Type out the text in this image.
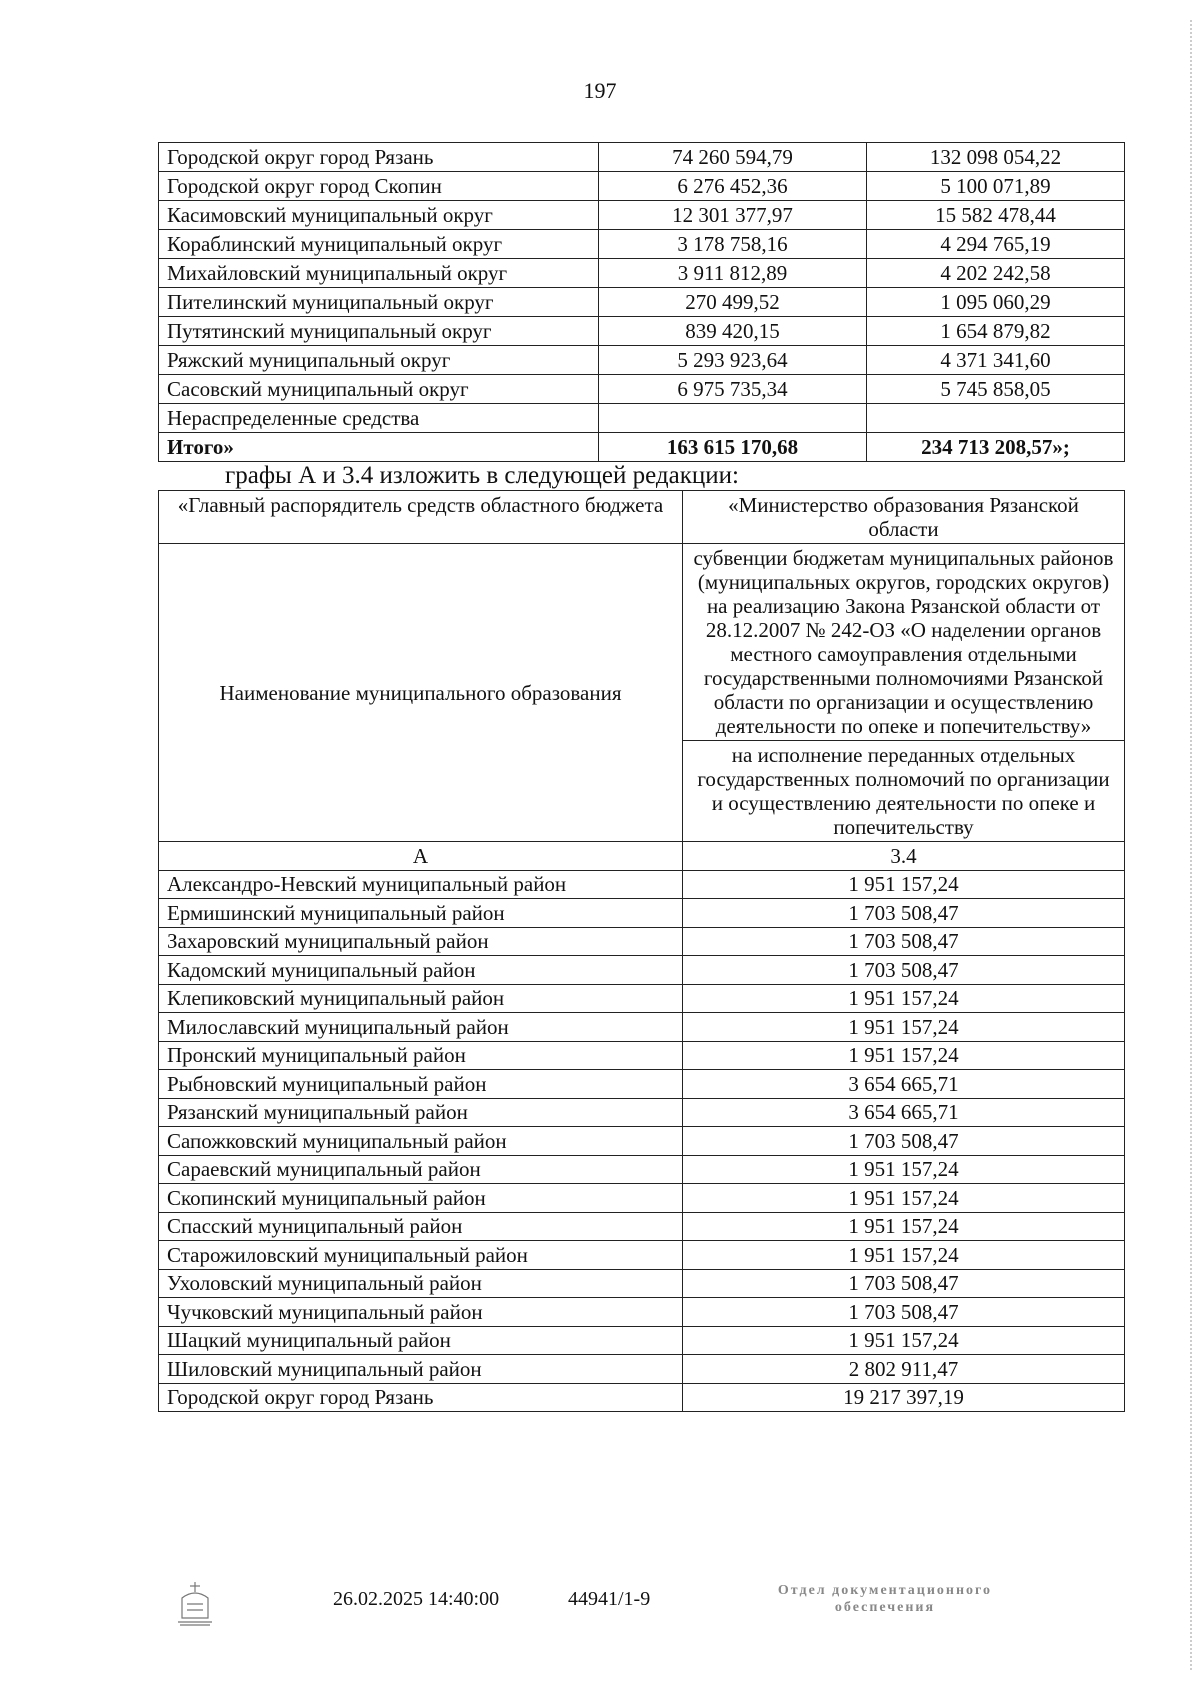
197
Городской округ город Рязань	74 260 594,79	132 098 054,22
Городской округ город Скопин	6 276 452,36	5 100 071,89
Касимовский муниципальный округ	12 301 377,97	15 582 478,44
Кораблинский муниципальный округ	3 178 758,16	4 294 765,19
Михайловский муниципальный округ	3 911 812,89	4 202 242,58
Пителинский муниципальный округ	270 499,52	1 095 060,29
Путятинский муниципальный округ	839 420,15	1 654 879,82
Ряжский муниципальный округ	5 293 923,64	4 371 341,60
Сасовский муниципальный округ	6 975 735,34	5 745 858,05
Нераспределенные средства		
Итого»	163 615 170,68	234 713 208,57»;
графы А и 3.4 изложить в следующей редакции:
«Главный распорядитель средств областного бюджета	«Министерство образования Рязанской области
Наименование муниципального образования	субвенции бюджетам муниципальных районов (муниципальных округов, городских округов) на реализацию Закона Рязанской области от 28.12.2007 № 242-ОЗ «О наделении органов местного самоуправления отдельными государственными полномочиями Рязанской области по организации и осуществлению деятельности по опеке и попечительству»
	на исполнение переданных отдельных государственных полномочий по организации и осуществлению деятельности по опеке и попечительству
А	3.4
Александро-Невский муниципальный район	1 951 157,24
Ермишинский муниципальный район	1 703 508,47
Захаровский муниципальный район	1 703 508,47
Кадомский муниципальный район	1 703 508,47
Клепиковский муниципальный район	1 951 157,24
Милославский муниципальный район	1 951 157,24
Пронский муниципальный район	1 951 157,24
Рыбновский муниципальный район	3 654 665,71
Рязанский муниципальный район	3 654 665,71
Сапожковский муниципальный район	1 703 508,47
Сараевский муниципальный район	1 951 157,24
Скопинский муниципальный район	1 951 157,24
Спасский муниципальный район	1 951 157,24
Старожиловский муниципальный район	1 951 157,24
Ухоловский муниципальный район	1 703 508,47
Чучковский муниципальный район	1 703 508,47
Шацкий муниципальный район	1 951 157,24
Шиловский муниципальный район	2 802 911,47
Городской округ город Рязань	19 217 397,19
26.02.2025 14:40:00	44941/1-9	Отдел документационного
обеспечения
